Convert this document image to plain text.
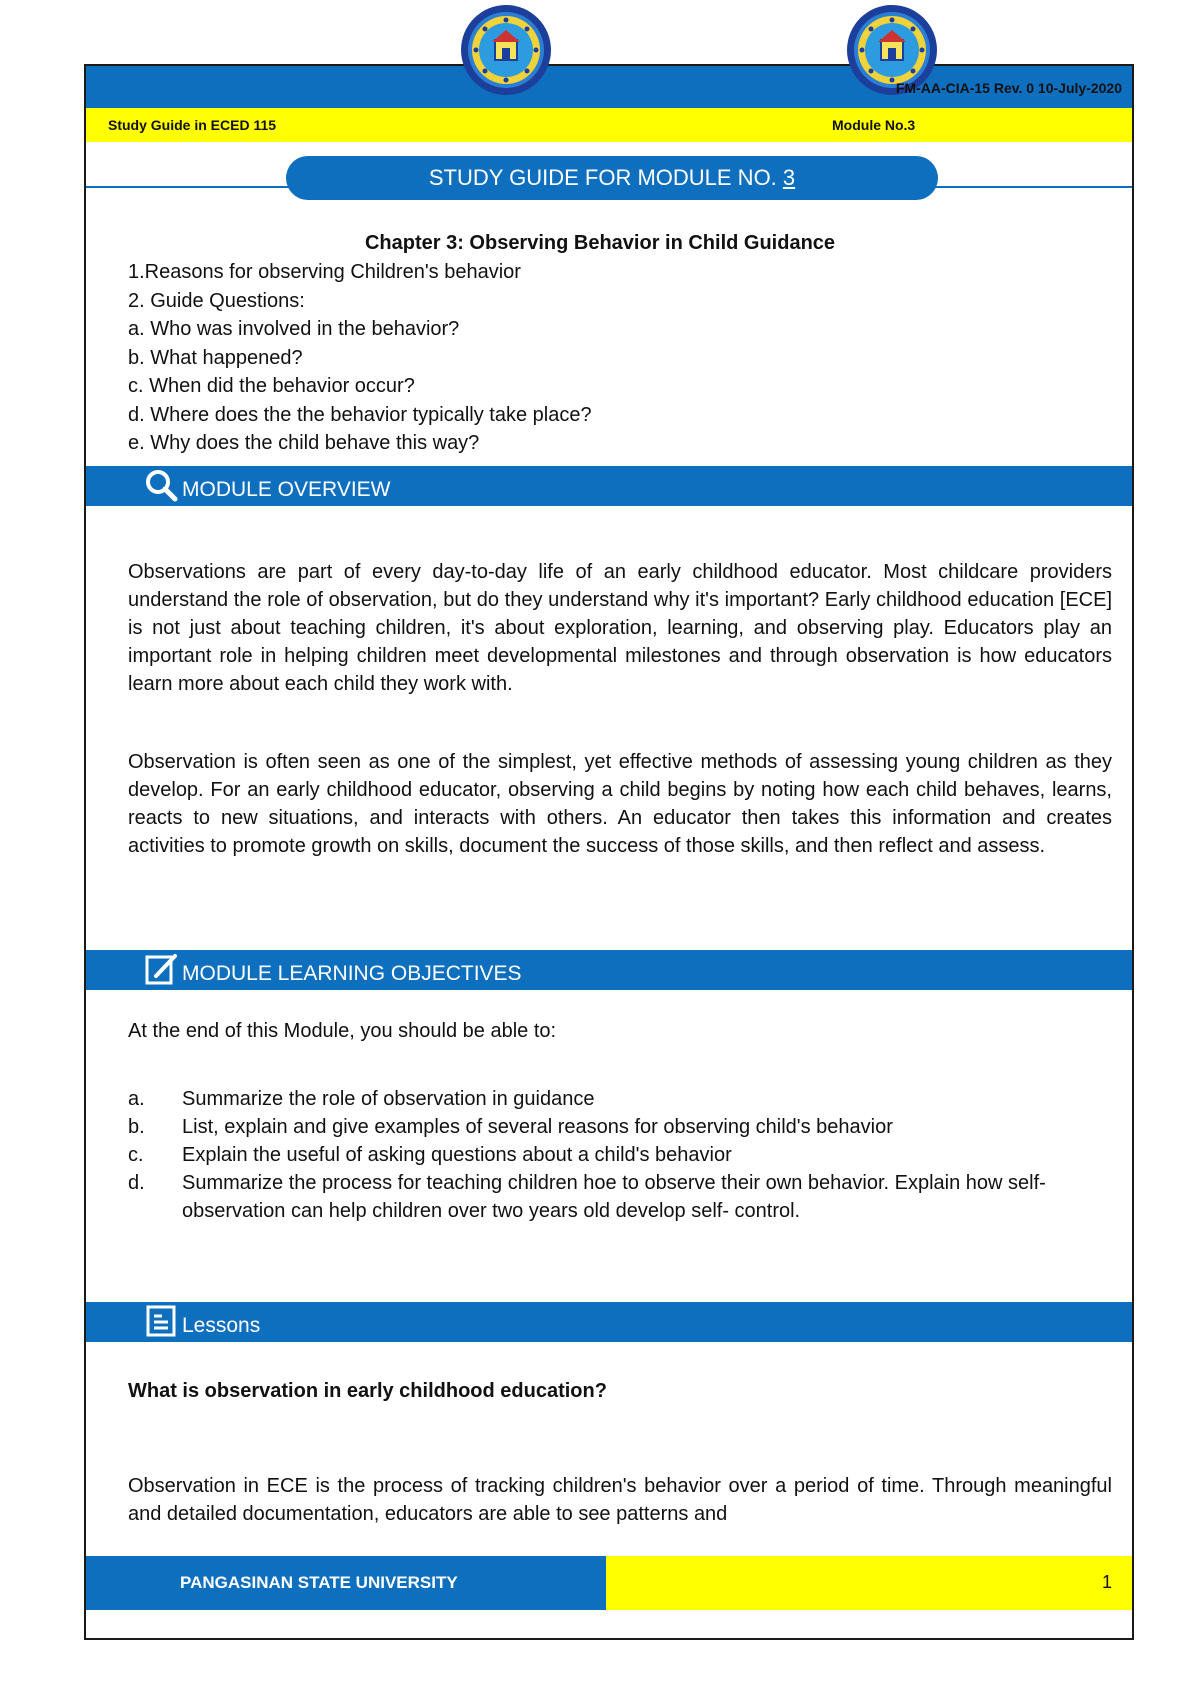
FM-AA-CIA-15 Rev. 0 10-July-2020
Study Guide in ECED 115	Module No.3
STUDY GUIDE FOR MODULE NO. 3
Chapter 3: Observing Behavior in Child Guidance
1.Reasons for observing Children's behavior
2. Guide Questions:
a. Who was involved in the behavior?
b. What happened?
c. When did the behavior occur?
d. Where does the the behavior typically take place?
e. Why does the child behave this way?
MODULE OVERVIEW
Observations are part of every day-to-day life of an early childhood educator. Most childcare providers understand the role of observation, but do they understand why it's important? Early childhood education [ECE] is not just about teaching children, it's about exploration, learning, and observing play. Educators play an important role in helping children meet developmental milestones and through observation is how educators learn more about each child they work with.
Observation is often seen as one of the simplest, yet effective methods of assessing young children as they develop. For an early childhood educator, observing a child begins by noting how each child behaves, learns, reacts to new situations, and interacts with others. An educator then takes this information and creates activities to promote growth on skills, document the success of those skills, and then reflect and assess.
MODULE LEARNING OBJECTIVES
At the end of this Module, you should be able to:
a.	Summarize the role of observation in guidance
b.	List, explain and give examples of several reasons for observing child's behavior
c.	Explain the useful of asking questions about a child's behavior
d.	Summarize the process for teaching children hoe to observe their own behavior. Explain how self- observation can help children over two years old develop self- control.
Lessons
What is observation in early childhood education?
Observation in ECE is the process of tracking children's behavior over a period of time. Through meaningful and detailed documentation, educators are able to see patterns and
PANGASINAN STATE UNIVERSITY	1
